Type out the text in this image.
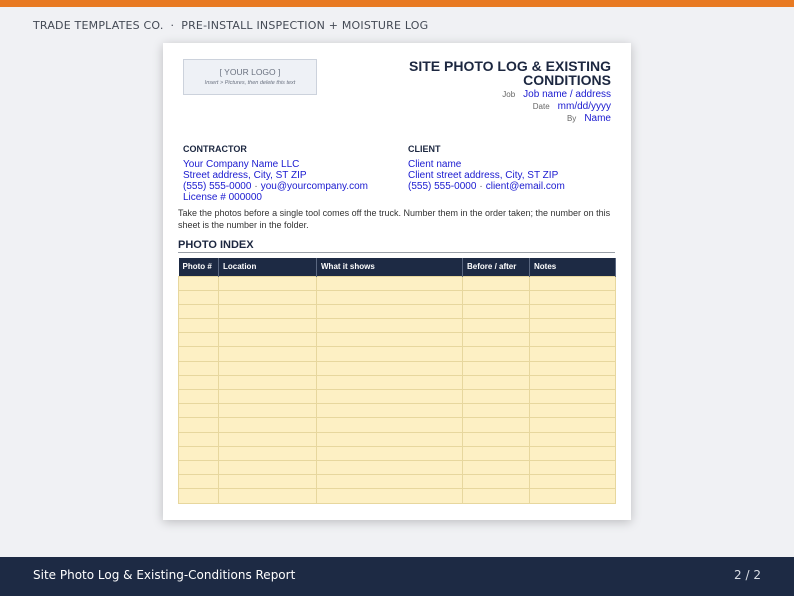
TRADE TEMPLATES CO. · PRE-INSTALL INSPECTION + MOISTURE LOG
[ YOUR LOGO ]
Insert > Pictures, then delete this text
SITE PHOTO LOG & EXISTING
CONDITIONS
Job Job name / address
Date mm/dd/yyyy
By Name
CONTRACTOR
Your Company Name LLC
Street address, City, ST ZIP
(555) 555-0000 · you@yourcompany.com
License # 000000
CLIENT
Client name
Client street address, City, ST ZIP
(555) 555-0000 · client@email.com
Take the photos before a single tool comes off the truck. Number them in the order taken; the number on this sheet is the number in the folder.
PHOTO INDEX
Photo #	Location	What it shows	Before / after	Notes

Site Photo Log & Existing-Conditions Report	2 / 2
